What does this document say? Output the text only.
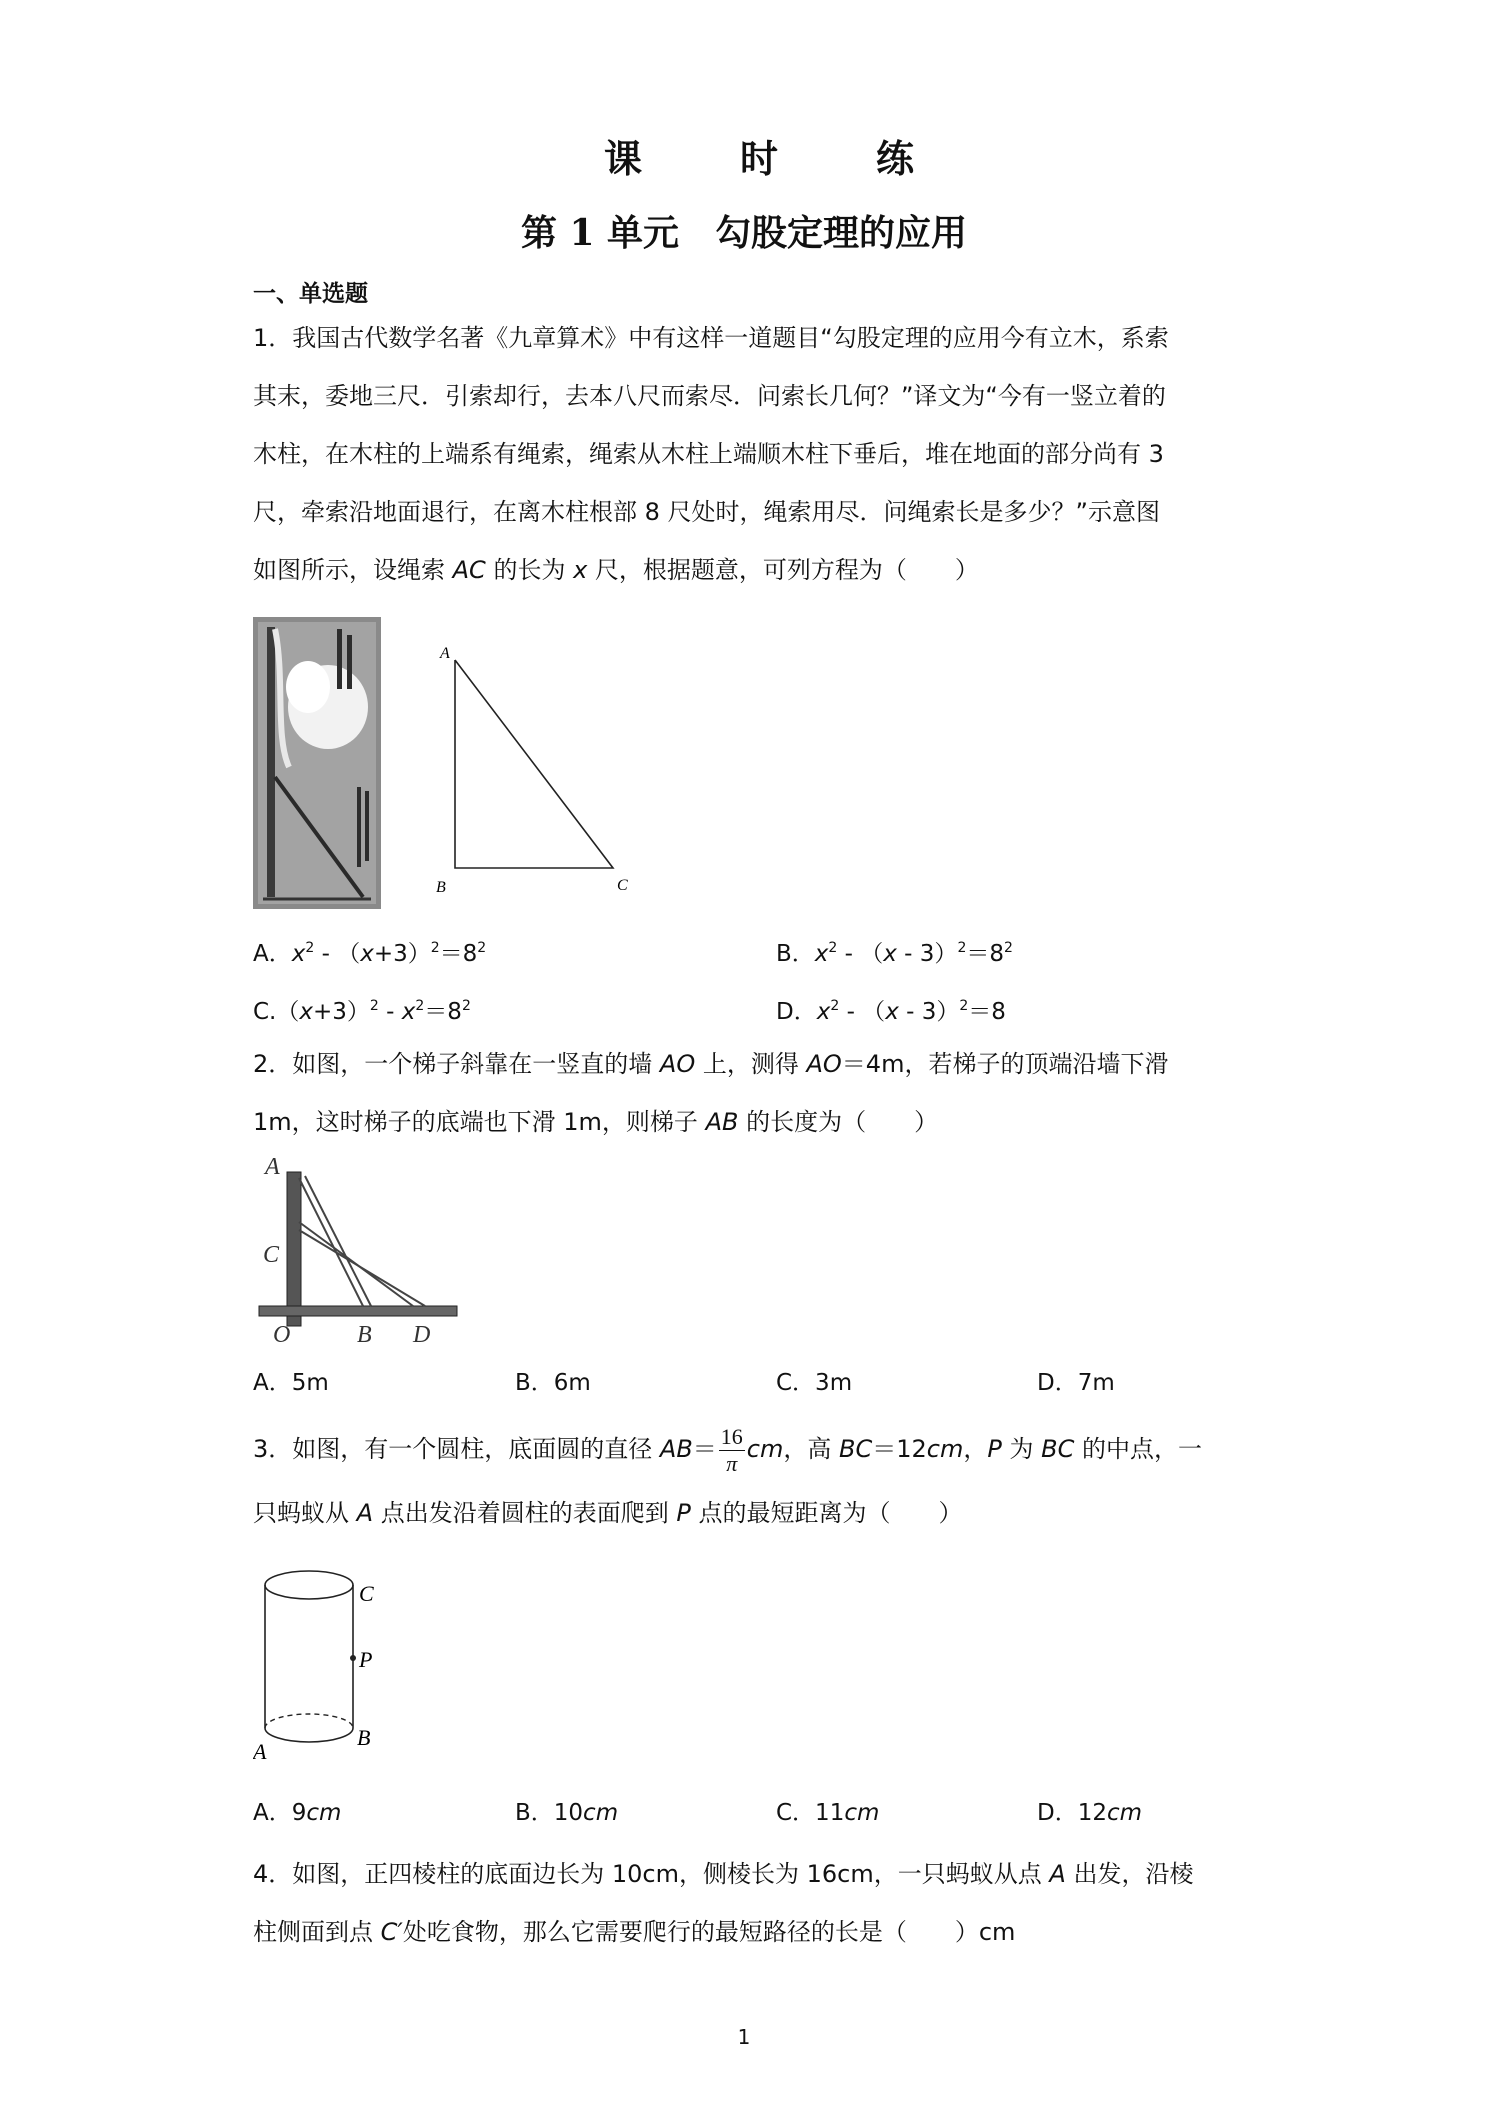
课　时　练
第 1 单元　勾股定理的应用
一、单选题

1．我国古代数学名著《九章算术》中有这样一道题目“勾股定理的应用今有立木，系索

其末，委地三尺．引索却行，去本八尺而索尽．问索长几何？”译文为“今有一竖立着的

木柱，在木柱的上端系有绳索，绳索从木柱上端顺木柱下垂后，堆在地面的部分尚有 3

尺，牵索沿地面退行，在离木柱根部 8 尺处时，绳索用尽．问绳索长是多少？”示意图

如图所示，设绳索 AC 的长为 x 尺，根据题意，可列方程为（　　）

A
B	C
A．$x^2 - (x+3)^2=8^2$	B．$x^2 - (x - 3)^2=8^2$
$C.(x+3)^2 - x^2=8^2$	D．$x^2 - (x - 3)^2=8$

2．如图，一个梯子斜靠在一竖直的墙 AO 上，测得 AO＝4m，若梯子的顶端沿墙下滑

1m，这时梯子的底端也下滑 1m，则梯子 AB 的长度为（　　）

A
C
O	B D
A．5m	B．6m	C．3m	D．7m

3．如图，有一个圆柱，底面圆的直径 $AB= \frac{16}{\pi}$ cm，高 BC＝12cm，P 为 BC 的中点，一

只蚂蚁从 A 点出发沿着圆柱的表面爬到 P 点的最短距离为（　　）

C
P
A
B
A．9cm	B．10cm	C．11cm	D．12cm

4．如图，正四棱柱的底面边长为 10cm，侧棱长为 16cm，一只蚂蚁从点 A 出发，沿棱

柱侧面到点 C′处吃食物，那么它需要爬行的最短路径的长是（　　）cm

1
